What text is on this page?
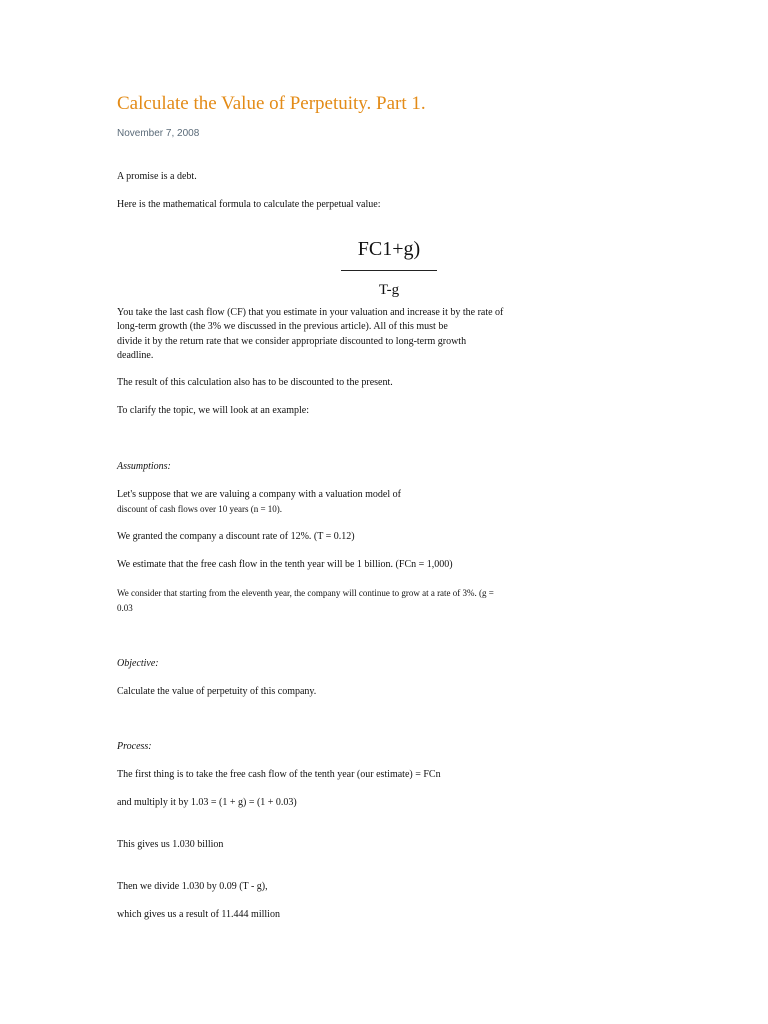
Calculate the Value of Perpetuity. Part 1.
November 7, 2008
A promise is a debt.
Here is the mathematical formula to calculate the perpetual value:
FC1+g)
T-g
You take the last cash flow (CF) that you estimate in your valuation and increase it by the rate of
long-term growth (the 3% we discussed in the previous article). All of this must be
divide it by the return rate that we consider appropriate discounted to long-term growth
deadline.
The result of this calculation also has to be discounted to the present.
To clarify the topic, we will look at an example:
Assumptions:
Let's suppose that we are valuing a company with a valuation model of
discount of cash flows over 10 years (n = 10).
We granted the company a discount rate of 12%. (T = 0.12)
We estimate that the free cash flow in the tenth year will be 1 billion. (FCn = 1,000)
We consider that starting from the eleventh year, the company will continue to grow at a rate of 3%. (g =
0.03
Objective:
Calculate the value of perpetuity of this company.
Process:
The first thing is to take the free cash flow of the tenth year (our estimate) = FCn
and multiply it by 1.03 = (1 + g) = (1 + 0.03)
This gives us 1.030 billion
Then we divide 1.030 by 0.09 (T - g),
which gives us a result of 11.444 million
